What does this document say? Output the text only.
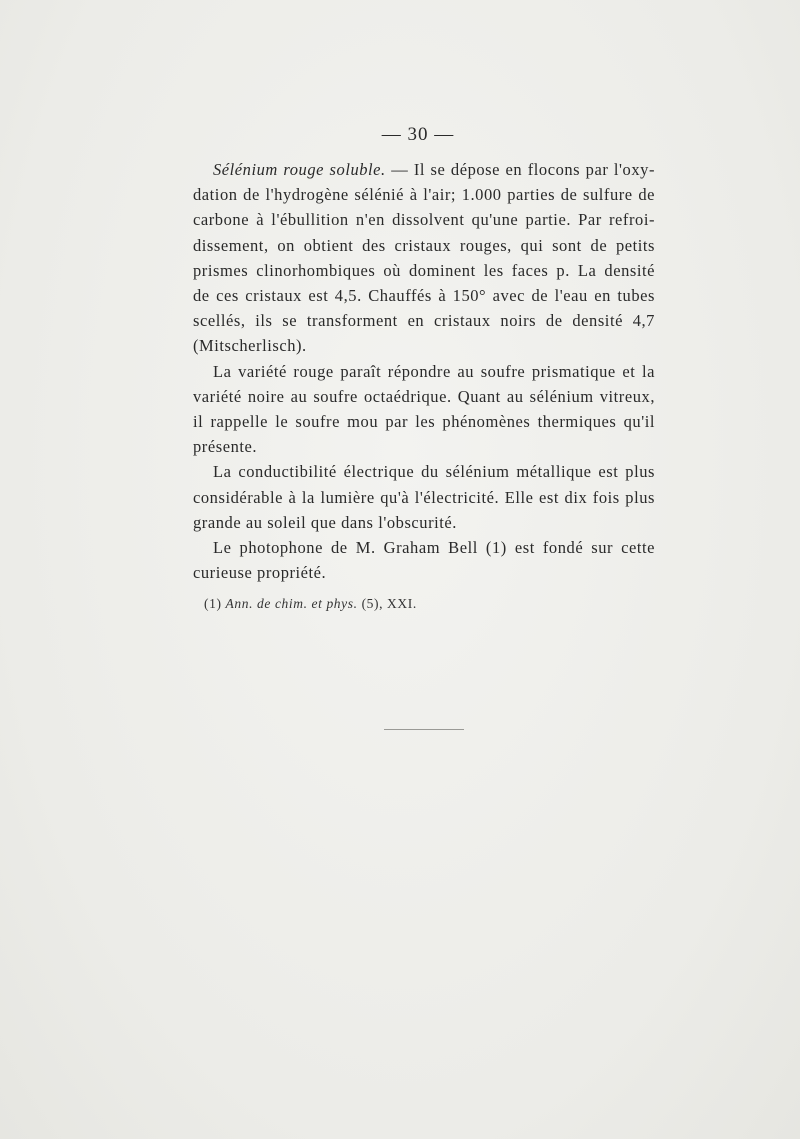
— 30 —
Sélénium rouge soluble. — Il se dépose en flocons par l'oxy-
dation de l'hydrogène sélénié à l'air; 1.000 parties de sulfure de
carbone à l'ébullition n'en dissolvent qu'une partie. Par refroi-
dissement, on obtient des cristaux rouges, qui sont de petits
prismes clinorhombiques où dominent les faces p. La densité
de ces cristaux est 4,5. Chauffés à 150° avec de l'eau en tubes
scellés, ils se transforment en cristaux noirs de densité 4,7
(Mitscherlisch).
La variété rouge paraît répondre au soufre prismatique et la
variété noire au soufre octaédrique. Quant au sélénium vitreux,
il rappelle le soufre mou par les phénomènes thermiques qu'il
présente.
La conductibilité électrique du sélénium métallique est plus
considérable à la lumière qu'à l'électricité. Elle est dix fois plus
grande au soleil que dans l'obscurité.
Le photophone de M. Graham Bell (1) est fondé sur cette
curieuse propriété.
(1) Ann. de chim. et phys. (5), XXI.
